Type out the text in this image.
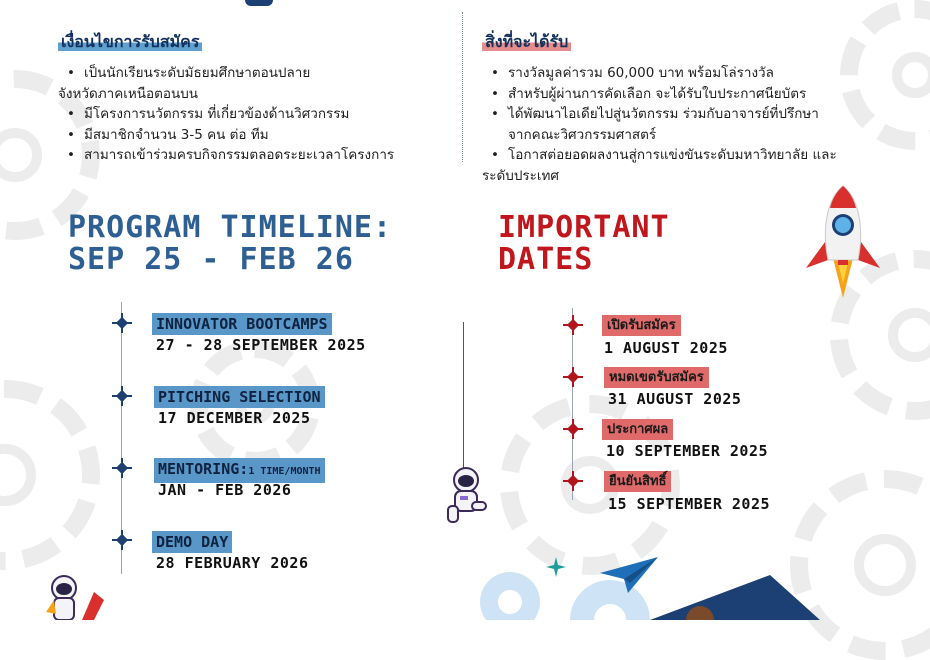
เงื่อนไขการรับสมัคร
• เป็นนักเรียนระดับมัธยมศึกษาตอนปลาย
จังหวัดภาคเหนือตอนบน
• มีโครงการนวัตกรรม ที่เกี่ยวข้องด้านวิศวกรรม
• มีสมาชิกจำนวน 3-5 คน ต่อ ทีม
• สามารถเข้าร่วมครบกิจกรรมตลอดระยะเวลาโครงการ
สิ่งที่จะได้รับ
• รางวัลมูลค่ารวม 60,000 บาท พร้อมโล่รางวัล
• สำหรับผู้ผ่านการคัดเลือก จะได้รับใบประกาศนียบัตร
• ได้พัฒนาไอเดียไปสู่นวัตกรรม ร่วมกับอาจารย์ที่ปรึกษา
จากคณะวิศวกรรมศาสตร์
• โอกาสต่อยอดผลงานสู่การแข่งขันระดับมหาวิทยาลัย และ
ระดับประเทศ
PROGRAM TIMELINE:
SEP 25 - FEB 26
IMPORTANT
DATES
INNOVATOR BOOTCAMPS
27 - 28 SEPTEMBER 2025
PITCHING SELECTION
17 DECEMBER 2025
MENTORING:1 TIME/MONTH
JAN - FEB 2026
DEMO DAY
28 FEBRUARY 2026
เปิดรับสมัคร
1 AUGUST 2025
หมดเขตรับสมัคร
31 AUGUST 2025
ประกาศผล
10 SEPTEMBER 2025
ยืนยันสิทธิ์
15 SEPTEMBER 2025
